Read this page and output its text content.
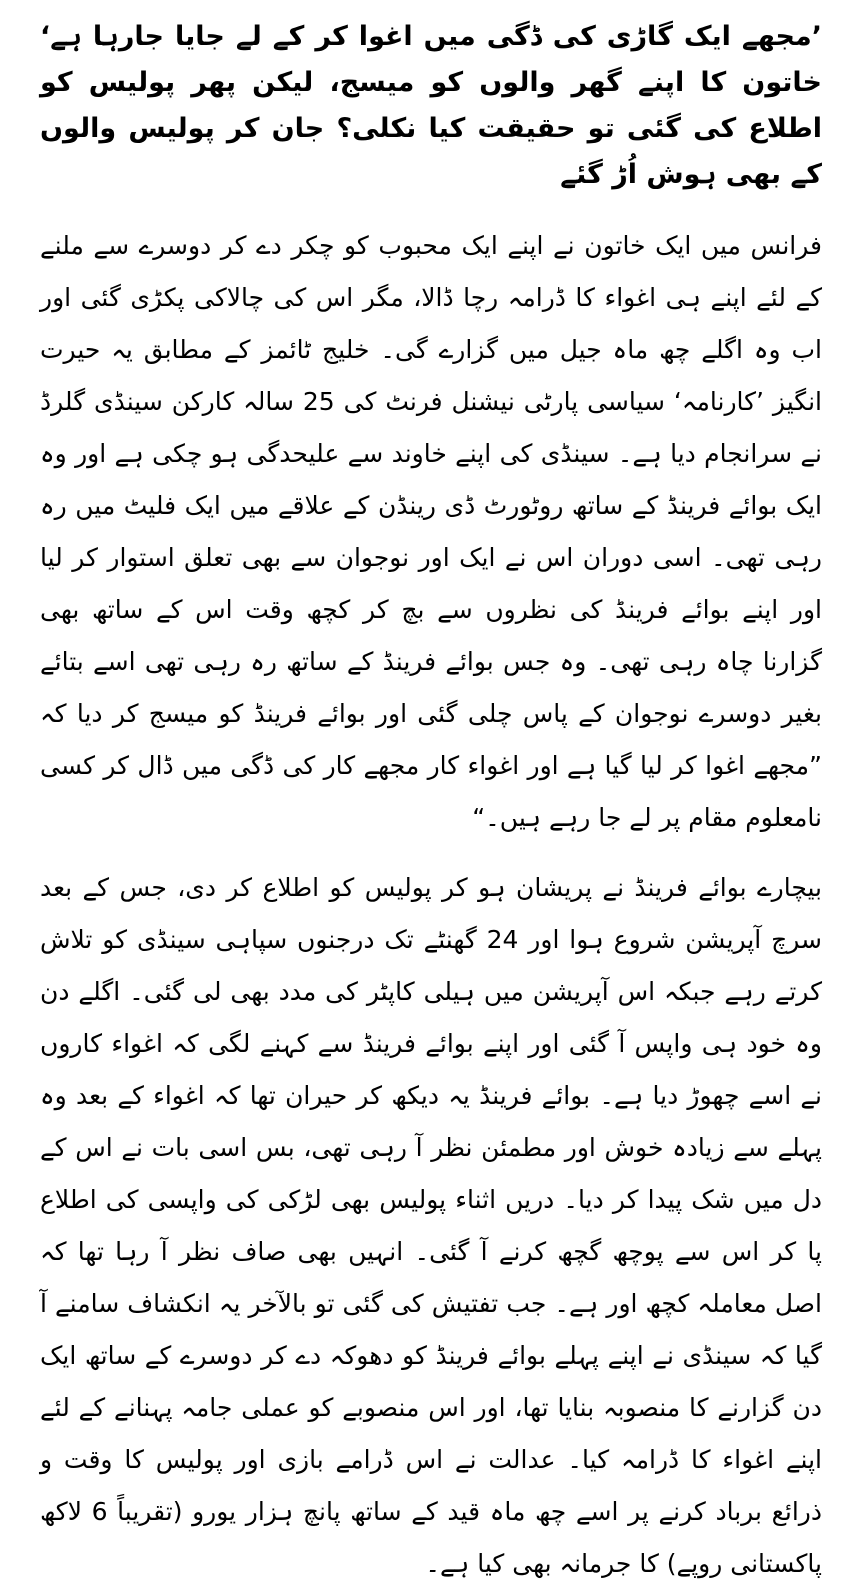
’مجھے ایک گاڑی کی ڈگی میں اغوا کر کے لے جایا جارہا ہے‘ خاتون کا اپنے گھر والوں کو میسج، لیکن پھر پولیس کو اطلاع کی گئی تو حقیقت کیا نکلی؟ جان کر پولیس والوں کے بھی ہوش اُڑ گئے

فرانس میں ایک خاتون نے اپنے ایک محبوب کو چکر دے کر دوسرے سے ملنے کے لئے اپنے ہی اغواء کا ڈرامہ رچا ڈالا، مگر اس کی چالاکی پکڑی گئی اور اب وہ اگلے چھ ماہ جیل میں گزارے گی۔ خلیج ٹائمز کے مطابق یہ حیرت انگیز ’کارنامہ‘ سیاسی پارٹی نیشنل فرنٹ کی 25 سالہ کارکن سینڈی گلرڈ نے سرانجام دیا ہے۔ سینڈی کی اپنے خاوند سے علیحدگی ہو چکی ہے اور وہ ایک بوائے فرینڈ کے ساتھ روٹورٹ ڈی رینڈن کے علاقے میں ایک فلیٹ میں رہ رہی تھی۔ اسی دوران اس نے ایک اور نوجوان سے بھی تعلق استوار کر لیا اور اپنے بوائے فرینڈ کی نظروں سے بچ کر کچھ وقت اس کے ساتھ بھی گزارنا چاہ رہی تھی۔ وہ جس بوائے فرینڈ کے ساتھ رہ رہی تھی اسے بتائے بغیر دوسرے نوجوان کے پاس چلی گئی اور بوائے فرینڈ کو میسج کر دیا کہ ”مجھے اغوا کر لیا گیا ہے اور اغواء کار مجھے کار کی ڈگی میں ڈال کر کسی نامعلوم مقام پر لے جا رہے ہیں۔“

بیچارے بوائے فرینڈ نے پریشان ہو کر پولیس کو اطلاع کر دی، جس کے بعد سرچ آپریشن شروع ہوا اور 24 گھنٹے تک درجنوں سپاہی سینڈی کو تلاش کرتے رہے جبکہ اس آپریشن میں ہیلی کاپٹر کی مدد بھی لی گئی۔ اگلے دن وہ خود ہی واپس آ گئی اور اپنے بوائے فرینڈ سے کہنے لگی کہ اغواء کاروں نے اسے چھوڑ دیا ہے۔ بوائے فرینڈ یہ دیکھ کر حیران تھا کہ اغواء کے بعد وہ پہلے سے زیادہ خوش اور مطمئن نظر آ رہی تھی، بس اسی بات نے اس کے دل میں شک پیدا کر دیا۔ دریں اثناء پولیس بھی لڑکی کی واپسی کی اطلاع پا کر اس سے پوچھ گچھ کرنے آ گئی۔ انہیں بھی صاف نظر آ رہا تھا کہ اصل معاملہ کچھ اور ہے۔ جب تفتیش کی گئی تو بالآخر یہ انکشاف سامنے آ گیا کہ سینڈی نے اپنے پہلے بوائے فرینڈ کو دھوکہ دے کر دوسرے کے ساتھ ایک دن گزارنے کا منصوبہ بنایا تھا، اور اس منصوبے کو عملی جامہ پہنانے کے لئے اپنے اغواء کا ڈرامہ کیا۔ عدالت نے اس ڈرامے بازی اور پولیس کا وقت و ذرائع برباد کرنے پر اسے چھ ماہ قید کے ساتھ پانچ ہزار یورو (تقریباً 6 لاکھ پاکستانی روپے) کا جرمانہ بھی کیا ہے۔
